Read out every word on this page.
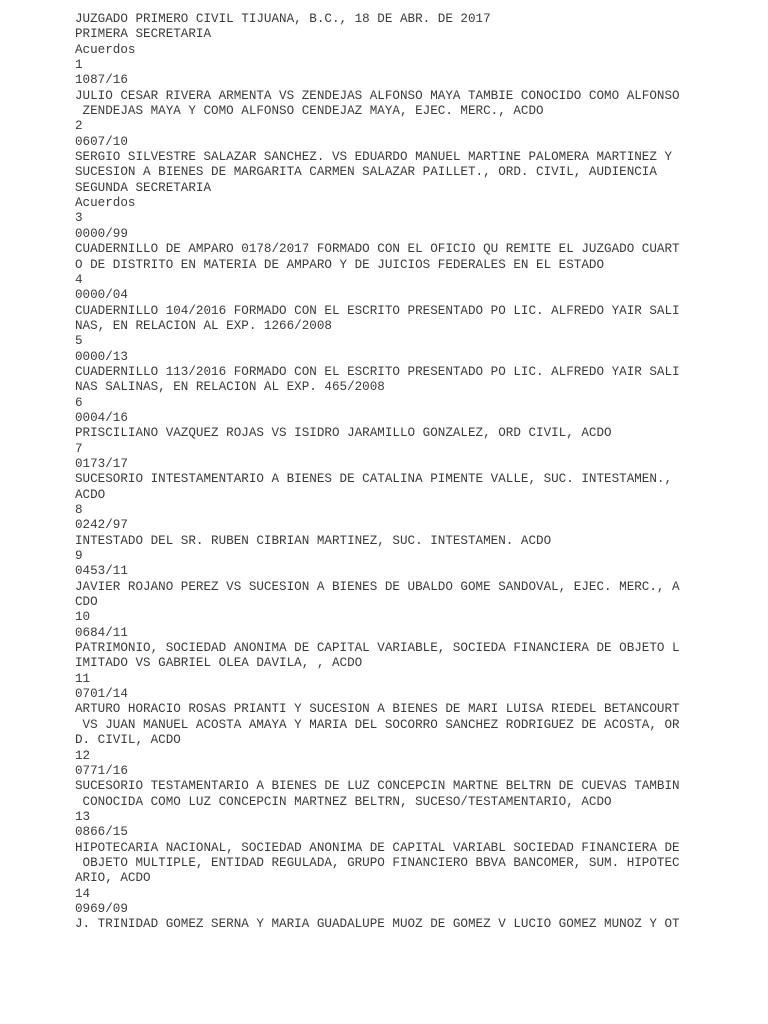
JUZGADO PRIMERO CIVIL TIJUANA, B.C., 18 DE ABR. DE 2017
PRIMERA SECRETARIA
Acuerdos
1
1087/16
JULIO CESAR RIVERA ARMENTA VS ZENDEJAS ALFONSO MAYA TAMBIE CONOCIDO COMO ALFONSO
ZENDEJAS MAYA Y COMO ALFONSO CENDEJAZ MAYA, EJEC. MERC., ACDO
2
0607/10
SERGIO SILVESTRE SALAZAR SANCHEZ. VS EDUARDO MANUEL MARTINE PALOMERA MARTINEZ Y
SUCESION A BIENES DE MARGARITA CARMEN SALAZAR PAILLET., ORD. CIVIL, AUDIENCIA
SEGUNDA SECRETARIA
Acuerdos
3
0000/99
CUADERNILLO DE AMPARO 0178/2017 FORMADO CON EL OFICIO QU REMITE EL JUZGADO CUART
O DE DISTRITO EN MATERIA DE AMPARO Y DE JUICIOS FEDERALES EN EL ESTADO
4
0000/04
CUADERNILLO 104/2016 FORMADO CON EL ESCRITO PRESENTADO PO LIC. ALFREDO YAIR SALI
NAS, EN RELACION AL EXP. 1266/2008
5
0000/13
CUADERNILLO 113/2016 FORMADO CON EL ESCRITO PRESENTADO PO LIC. ALFREDO YAIR SALI
NAS SALINAS, EN RELACION AL EXP. 465/2008
6
0004/16
PRISCILIANO VAZQUEZ ROJAS VS ISIDRO JARAMILLO GONZALEZ, ORD CIVIL, ACDO
7
0173/17
SUCESORIO INTESTAMENTARIO A BIENES DE CATALINA PIMENTE VALLE, SUC. INTESTAMEN.,
ACDO
8
0242/97
INTESTADO DEL SR. RUBEN CIBRIAN MARTINEZ, SUC. INTESTAMEN. ACDO
9
0453/11
JAVIER ROJANO PEREZ VS SUCESION A BIENES DE UBALDO GOME SANDOVAL, EJEC. MERC., A
CDO
10
0684/11
PATRIMONIO, SOCIEDAD ANONIMA DE CAPITAL VARIABLE, SOCIEDA FINANCIERA DE OBJETO L
IMITADO VS GABRIEL OLEA DAVILA, , ACDO
11
0701/14
ARTURO HORACIO ROSAS PRIANTI Y SUCESION A BIENES DE MARI LUISA RIEDEL BETANCOURT
VS JUAN MANUEL ACOSTA AMAYA Y MARIA DEL SOCORRO SANCHEZ RODRIGUEZ DE ACOSTA, OR
D. CIVIL, ACDO
12
0771/16
SUCESORIO TESTAMENTARIO A BIENES DE LUZ CONCEPCIN MARTNE BELTRN DE CUEVAS TAMBIN
CONOCIDA COMO LUZ CONCEPCIN MARTNEZ BELTRN, SUCESO/TESTAMENTARIO, ACDO
13
0866/15
HIPOTECARIA NACIONAL, SOCIEDAD ANONIMA DE CAPITAL VARIABL SOCIEDAD FINANCIERA DE
OBJETO MULTIPLE, ENTIDAD REGULADA, GRUPO FINANCIERO BBVA BANCOMER, SUM. HIPOTEC
ARIO, ACDO
14
0969/09
J. TRINIDAD GOMEZ SERNA Y MARIA GUADALUPE MUOZ DE GOMEZ V LUCIO GOMEZ MUNOZ Y OT
